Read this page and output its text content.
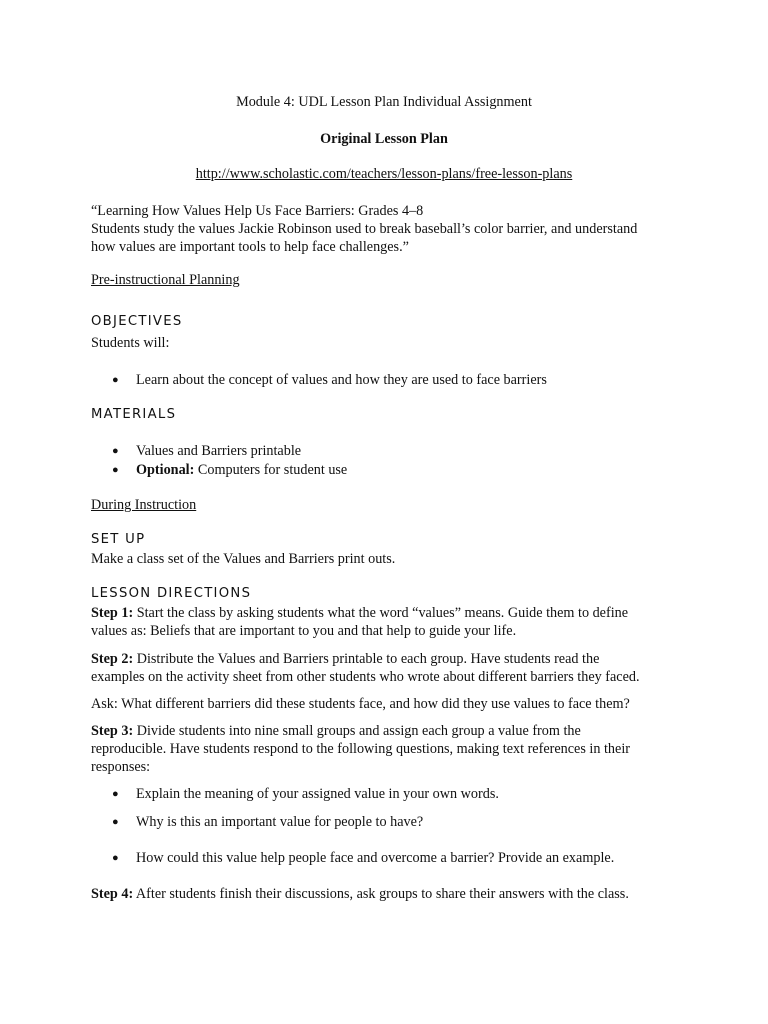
Module 4: UDL Lesson Plan Individual Assignment
Original Lesson Plan
http://www.scholastic.com/teachers/lesson-plans/free-lesson-plans
“Learning How Values Help Us Face Barriers: Grades 4–8
Students study the values Jackie Robinson used to break baseball’s color barrier, and understand
how values are important tools to help face challenges.”
Pre-instructional Planning
OBJECTIVES
Students will:
● Learn about the concept of values and how they are used to face barriers
MATERIALS
● Values and Barriers printable
● Optional: Computers for student use
During Instruction
SET UP
Make a class set of the Values and Barriers print outs.
LESSON DIRECTIONS
Step 1: Start the class by asking students what the word “values” means. Guide them to define
values as: Beliefs that are important to you and that help to guide your life.
Step 2: Distribute the Values and Barriers printable to each group. Have students read the
examples on the activity sheet from other students who wrote about different barriers they faced.
Ask: What different barriers did these students face, and how did they use values to face them?
Step 3: Divide students into nine small groups and assign each group a value from the
reproducible. Have students respond to the following questions, making text references in their
responses:
● Explain the meaning of your assigned value in your own words.
● Why is this an important value for people to have?
● How could this value help people face and overcome a barrier? Provide an example.
Step 4: After students finish their discussions, ask groups to share their answers with the class.
